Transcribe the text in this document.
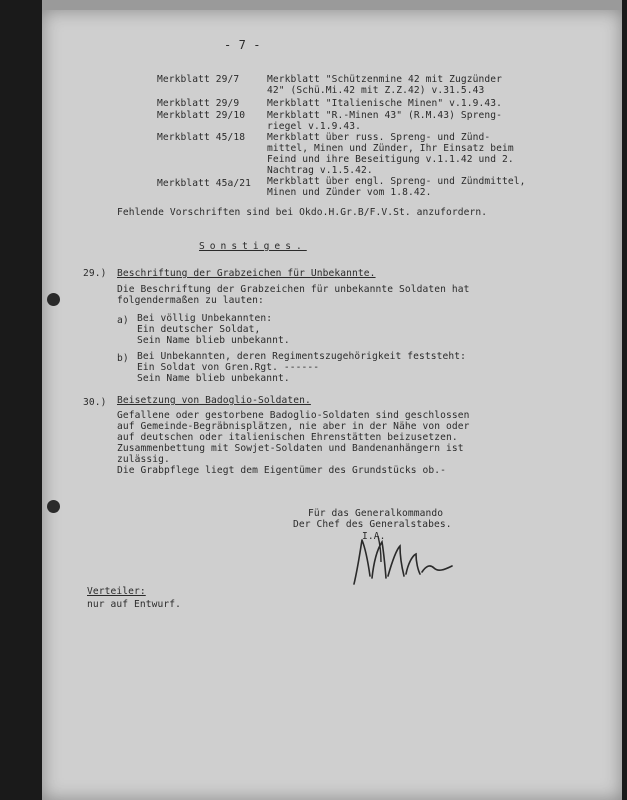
- 7 -
Merkblatt 29/7	Merkblatt "Schützenmine 42 mit Zugzünder
42" (Schü.Mi.42 mit Z.Z.42) v.31.5.43
Merkblatt 29/9	Merkblatt "Italienische Minen" v.1.9.43.
Merkblatt 29/10 Merkblatt "R.-Minen 43" (R.M.43) Spreng-
riegel v.1.9.43.
Merkblatt 45/18 Merkblatt über russ. Spreng- und Zünd-
mittel, Minen und Zünder, Ihr Einsatz beim
Feind und ihre Beseitigung v.1.1.42 und 2.
Nachtrag v.1.5.42.
Merkblatt 45a/21 Merkblatt über engl. Spreng- und Zündmittel,
Minen und Zünder vom 1.8.42.
Fehlende Vorschriften sind bei Okdo.H.Gr.B/F.V.St. anzufordern.
Sonstiges.
29.) Beschriftung der Grabzeichen für Unbekannte.
Die Beschriftung der Grabzeichen für unbekannte Soldaten hat
folgendermaßen zu lauten:
a) Bei völlig Unbekannten:
Ein deutscher Soldat,
Sein Name blieb unbekannt.
b) Bei Unbekannten, deren Regimentszugehörigkeit feststeht:
Ein Soldat von Gren.Rgt. ------
Sein Name blieb unbekannt.
30.) Beisetzung von Badoglio-Soldaten.
Gefallene oder gestorbene Badoglio-Soldaten sind geschlossen
auf Gemeinde-Begräbnisplätzen, nie aber in der Nähe von oder
auf deutschen oder italienischen Ehrenstätten beizusetzen.
Zusammenbettung mit Sowjet-Soldaten und Bandenanhängern ist
zulässig.
Die Grabpflege liegt dem Eigentümer des Grundstücks ob.-
Für das Generalkommando
Der Chef des Generalstabes.
I.A.
Verteiler:
nur auf Entwurf.
